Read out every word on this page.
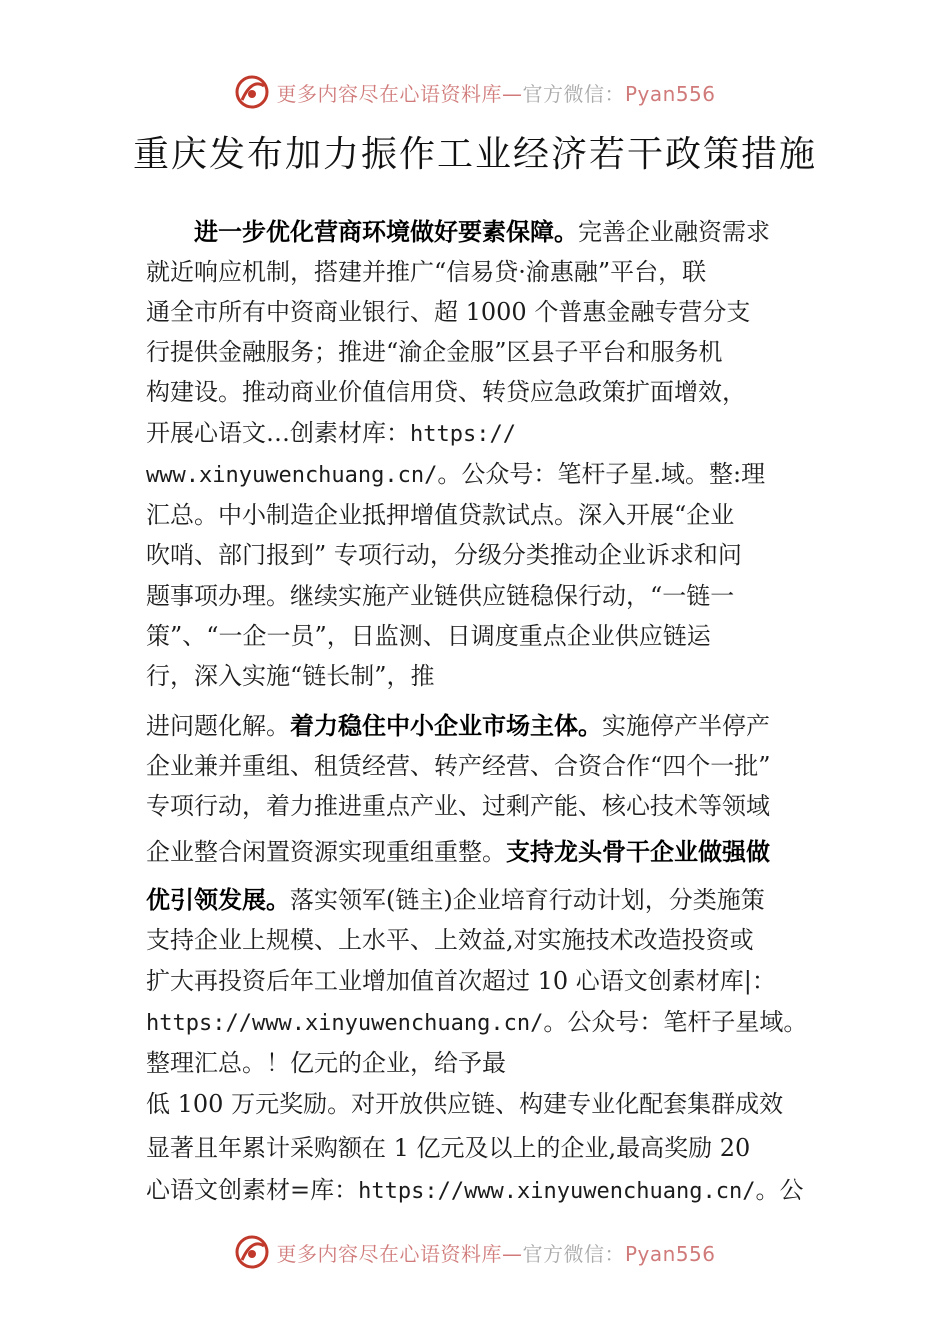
更多内容尽在心语资料库—官方微信：Pyan556
重庆发布加力振作工业经济若干政策措施
进一步优化营商环境做好要素保障。完善企业融资需求
就近响应机制，搭建并推广“信易贷·渝惠融”平台，联
通全市所有中资商业银行、超 1000 个普惠金融专营分支
行提供金融服务；推进“渝企金服”区县子平台和服务机
构建设。推动商业价值信用贷、转贷应急政策扩面增效，
开展心语文…创素材库：https://
www.xinyuwenchuang.cn/。公众号：笔杆子星.域。整:理
汇总。中小制造企业抵押增值贷款试点。深入开展“企业
吹哨、部门报到” 专项行动，分级分类推动企业诉求和问
题事项办理。继续实施产业链供应链稳保行动，“一链一
策”、“一企一员”，日监测、日调度重点企业供应链运
行，深入实施“链长制”，推
进问题化解。着力稳住中小企业市场主体。实施停产半停产
企业兼并重组、租赁经营、转产经营、合资合作“四个一批”
专项行动，着力推进重点产业、过剩产能、核心技术等领域
企业整合闲置资源实现重组重整。支持龙头骨干企业做强做
优引领发展。落实领军(链主)企业培育行动计划，分类施策
支持企业上规模、上水平、上效益,对实施技术改造投资或
扩大再投资后年工业增加值首次超过 10 心语文创素材库|：
https://www.xinyuwenchuang.cn/。公众号：笔杆子星域。
整理汇总。！亿元的企业，给予最
低 100 万元奖励。对开放供应链、构建专业化配套集群成效
显著且年累计采购额在 1 亿元及以上的企业,最高奖励 20
心语文创素材=库：https://www.xinyuwenchuang.cn/。公
更多内容尽在心语资料库—官方微信：Pyan556
